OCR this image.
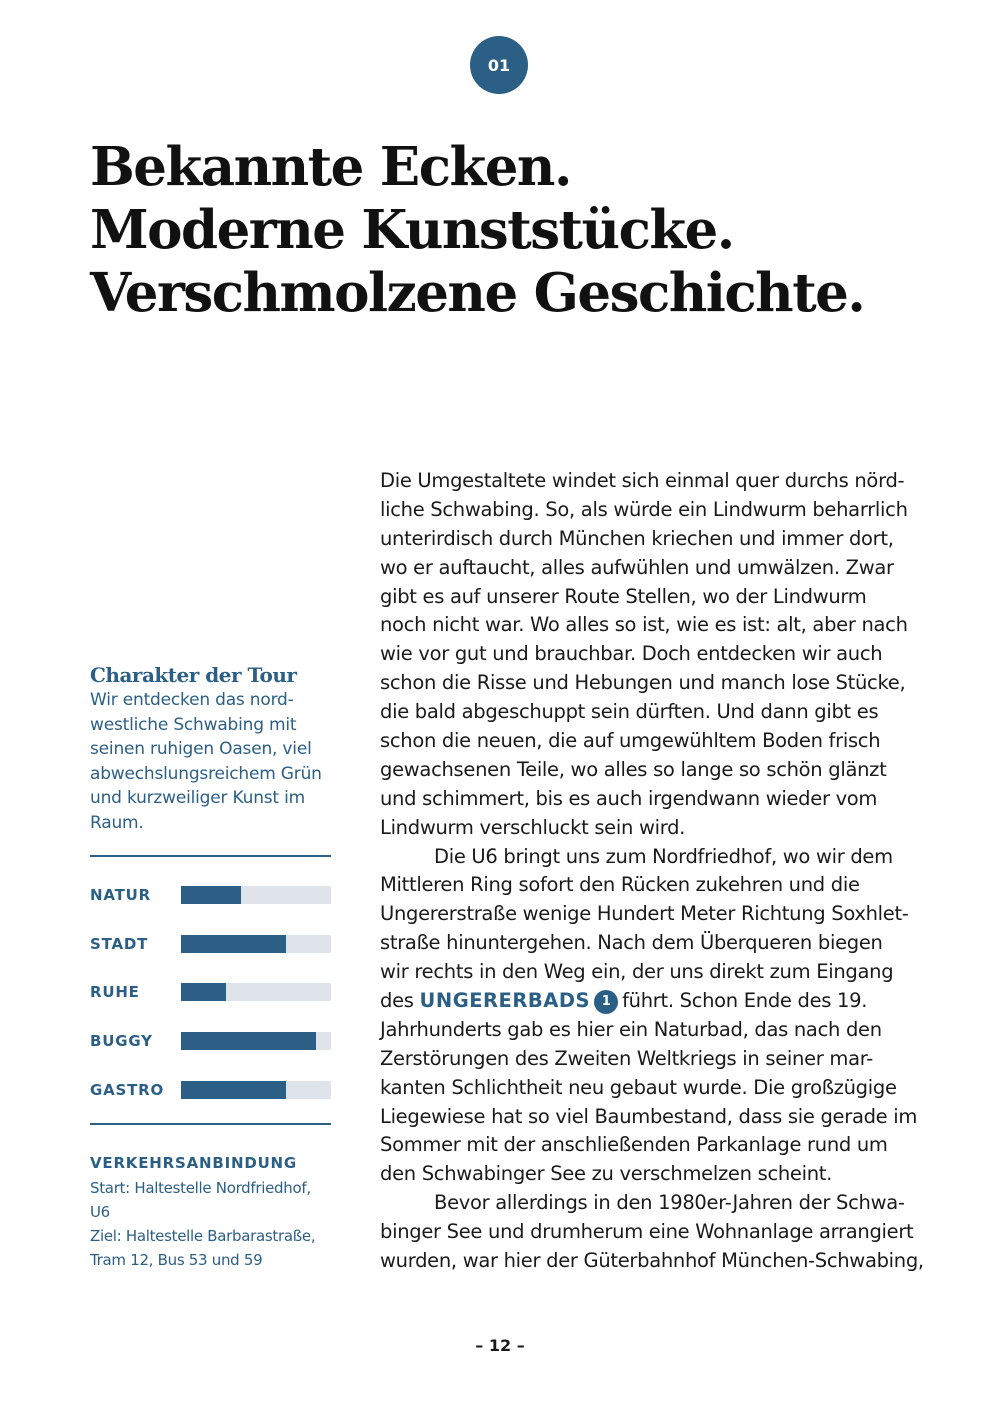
01
Bekannte Ecken.
Moderne Kunststücke.
Verschmolzene Geschichte.

Charakter der Tour

Wir entdecken das nord-westliche Schwabing mit seinen ruhigen Oasen, viel abwechslungsreichem Grün und kurzweiliger Kunst im Raum.

NATUR
STADT
RUHE
BUGGY
GASTRO

VERKEHRSANBINDUNG

Start: Haltestelle Nordfriedhof,

U6

Ziel: Haltestelle Barbarastraße,

Tram 12, Bus 53 und 59

Die Umgestaltete windet sich einmal quer durchs nörd-
liche Schwabing. So, als würde ein Lindwurm beharrlich
unterirdisch durch München kriechen und immer dort,
wo er auftaucht, alles aufwühlen und umwälzen. Zwar
gibt es auf unserer Route Stellen, wo der Lindwurm
noch nicht war. Wo alles so ist, wie es ist: alt, aber nach
wie vor gut und brauchbar. Doch entdecken wir auch
schon die Risse und Hebungen und manch lose Stücke,
die bald abgeschuppt sein dürften. Und dann gibt es
schon die neuen, die auf umgewühltem Boden frisch
gewachsenen Teile, wo alles so lange so schön glänzt
und schimmert, bis es auch irgendwann wieder vom
Lindwurm verschluckt sein wird.
Die U6 bringt uns zum Nordfriedhof, wo wir dem
Mittleren Ring sofort den Rücken zukehren und die
Ungererstraße wenige Hundert Meter Richtung Soxhlet-
straße hinuntergehen. Nach dem Überqueren biegen
wir rechts in den Weg ein, der uns direkt zum Eingang
des UNGERERBADS 1 führt. Schon Ende des 19.
Jahrhunderts gab es hier ein Naturbad, das nach den
Zerstörungen des Zweiten Weltkriegs in seiner mar-
kanten Schlichtheit neu gebaut wurde. Die großzügige
Liegewiese hat so viel Baumbestand, dass sie gerade im
Sommer mit der anschließenden Parkanlage rund um
den Schwabinger See zu verschmelzen scheint.
Bevor allerdings in den 1980er-Jahren der Schwa-
binger See und drumherum eine Wohnanlage arrangiert
wurden, war hier der Güterbahnhof München-Schwabing,
– 12 –
